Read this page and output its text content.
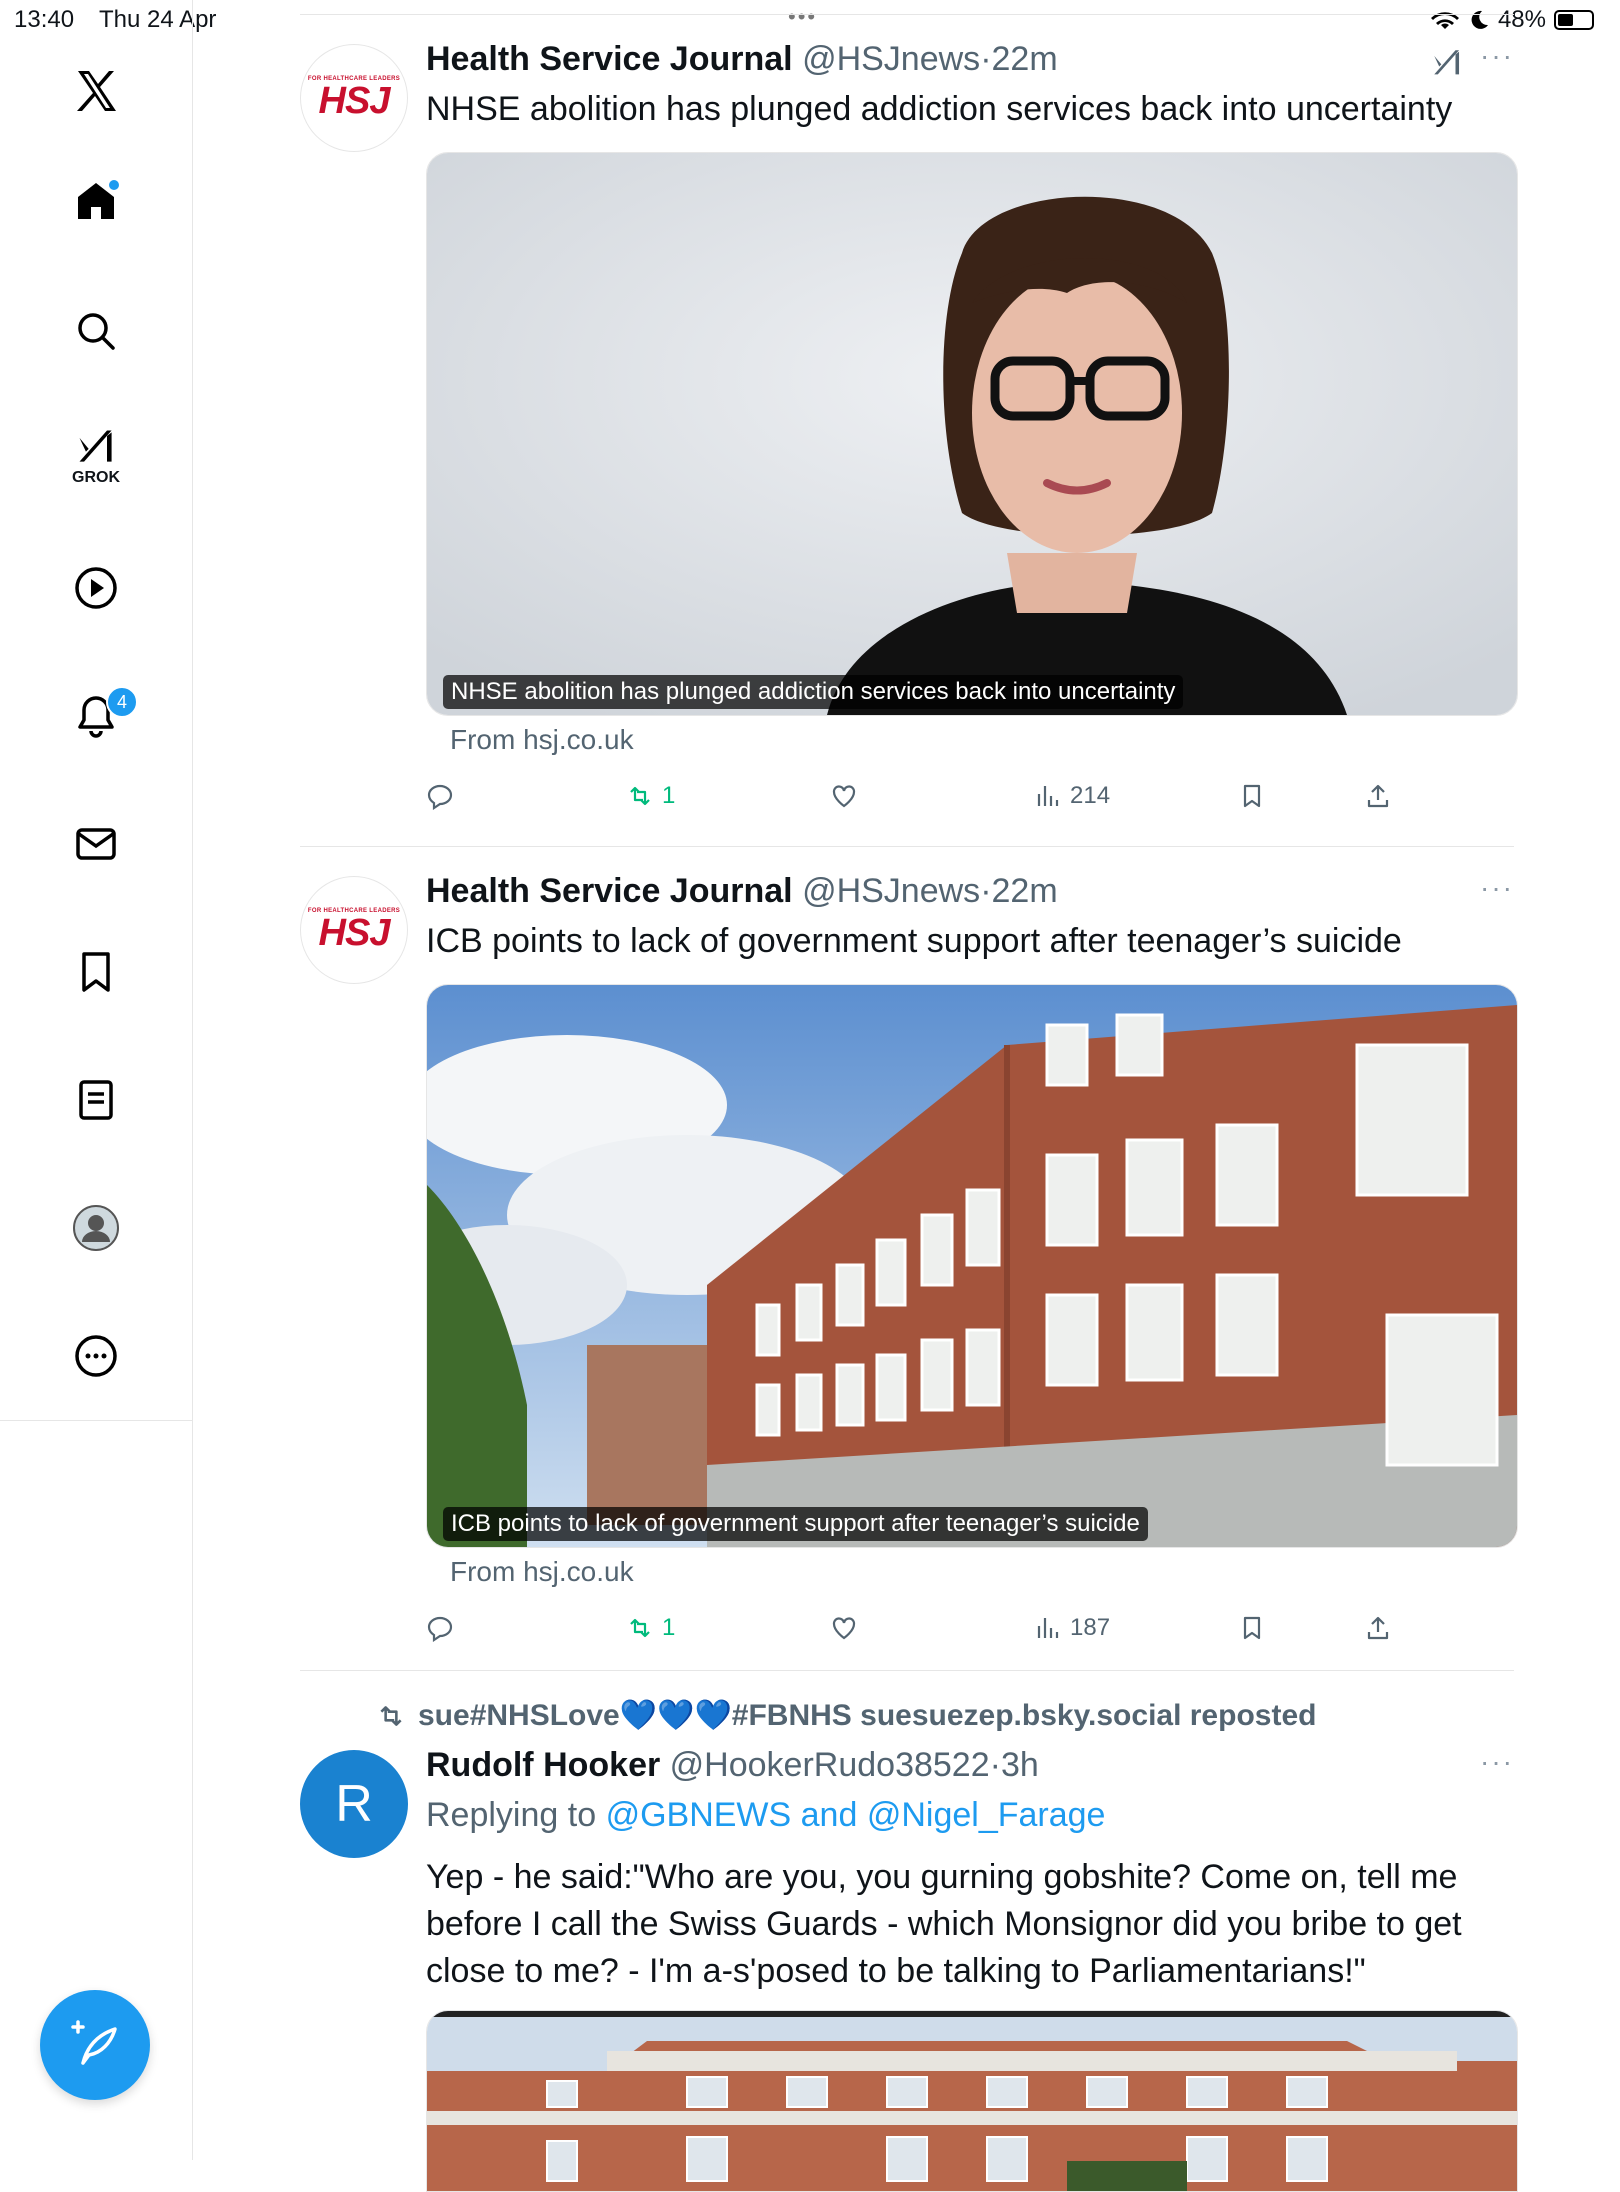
13:40 Thu 24 Apr	•••	48%
GROK
4
FOR HEALTHCARE LEADERS
HSJ
Health Service Journal @HSJnews·22m	···
NHSE abolition has plunged addiction services back into uncertainty
NHSE abolition has plunged addiction services back into uncertainty
From hsj.co.uk
1	214
FOR HEALTHCARE LEADERS
HSJ
Health Service Journal @HSJnews·22m	···
ICB points to lack of government support after teenager’s suicide
ICB points to lack of government support after teenager’s suicide
From hsj.co.uk
1	187
sue#NHSLove💙💙💙#FBNHS suesuezep.bsky.social reposted
R
Rudolf Hooker @HookerRudo38522·3h	···
Replying to @GBNEWS and @Nigel_Farage
Yep - he said:"Who are you, you gurning gobshite? Come on, tell me before I call the Swiss Guards - which Monsignor did you bribe to get close to me? - I'm a-s'posed to be talking to Parliamentarians!"
